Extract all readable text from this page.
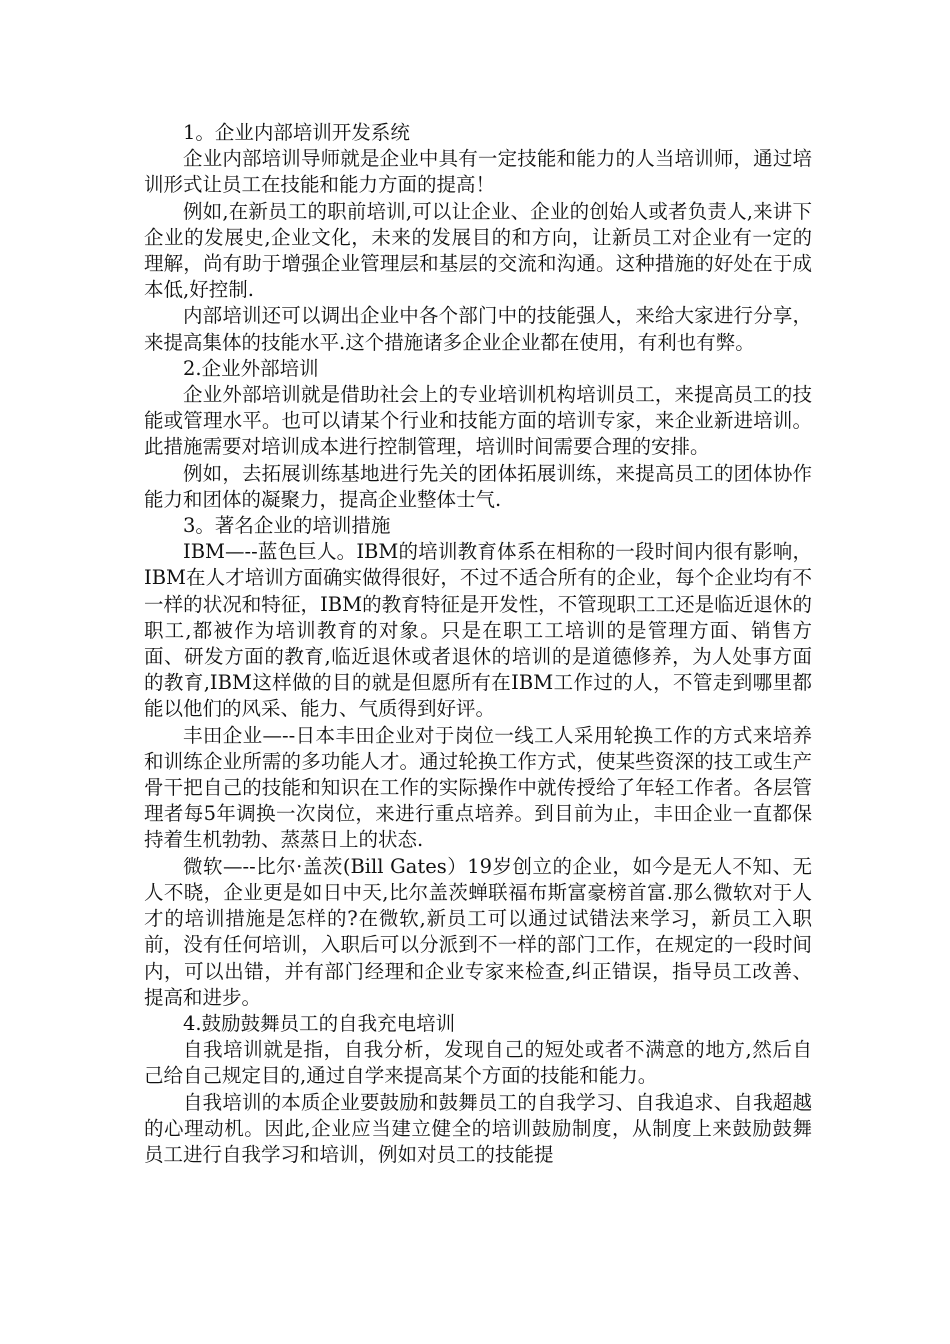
1。企业内部培训开发系统

企业内部培训导师就是企业中具有一定技能和能力的人当培训师，通过培训形式让员工在技能和能力方面的提高！

例如,在新员工的职前培训,可以让企业、企业的创始人或者负责人,来讲下企业的发展史,企业文化，未来的发展目的和方向，让新员工对企业有一定的理解，尚有助于增强企业管理层和基层的交流和沟通。这种措施的好处在于成本低,好控制.

内部培训还可以调出企业中各个部门中的技能强人，来给大家进行分享，来提高集体的技能水平.这个措施诸多企业企业都在使用，有利也有弊。

2.企业外部培训

企业外部培训就是借助社会上的专业培训机构培训员工，来提高员工的技能或管理水平。也可以请某个行业和技能方面的培训专家，来企业新进培训。此措施需要对培训成本进行控制管理，培训时间需要合理的安排。

例如，去拓展训练基地进行先关的团体拓展训练，来提高员工的团体协作能力和团体的凝聚力，提高企业整体士气.

3。著名企业的培训措施

IBM—--蓝色巨人。IBM的培训教育体系在相称的一段时间内很有影响，IBM在人才培训方面确实做得很好，不过不适合所有的企业，每个企业均有不一样的状况和特征，IBM的教育特征是开发性，不管现职工工还是临近退休的职工,都被作为培训教育的对象。只是在职工工培训的是管理方面、销售方面、研发方面的教育,临近退休或者退休的培训的是道德修养，为人处事方面的教育,IBM这样做的目的就是但愿所有在IBM工作过的人，不管走到哪里都能以他们的风采、能力、气质得到好评。

丰田企业—--日本丰田企业对于岗位一线工人采用轮换工作的方式来培养和训练企业所需的多功能人才。通过轮换工作方式，使某些资深的技工或生产骨干把自己的技能和知识在工作的实际操作中就传授给了年轻工作者。各层管理者每5年调换一次岗位，来进行重点培养。到目前为止，丰田企业一直都保持着生机勃勃、蒸蒸日上的状态.

微软—--比尔·盖茨(Bill Gates）19岁创立的企业，如今是无人不知、无人不晓，企业更是如日中天,比尔盖茨蝉联福布斯富豪榜首富.那么微软对于人才的培训措施是怎样的?在微软,新员工可以通过试错法来学习，新员工入职前，没有任何培训，入职后可以分派到不一样的部门工作，在规定的一段时间内，可以出错，并有部门经理和企业专家来检查,纠正错误，指导员工改善、提高和进步。

4.鼓励鼓舞员工的自我充电培训

自我培训就是指，自我分析，发现自己的短处或者不满意的地方,然后自己给自己规定目的,通过自学来提高某个方面的技能和能力。

自我培训的本质企业要鼓励和鼓舞员工的自我学习、自我追求、自我超越的心理动机。因此,企业应当建立健全的培训鼓励制度，从制度上来鼓励鼓舞员工进行自我学习和培训，例如对员工的技能提
